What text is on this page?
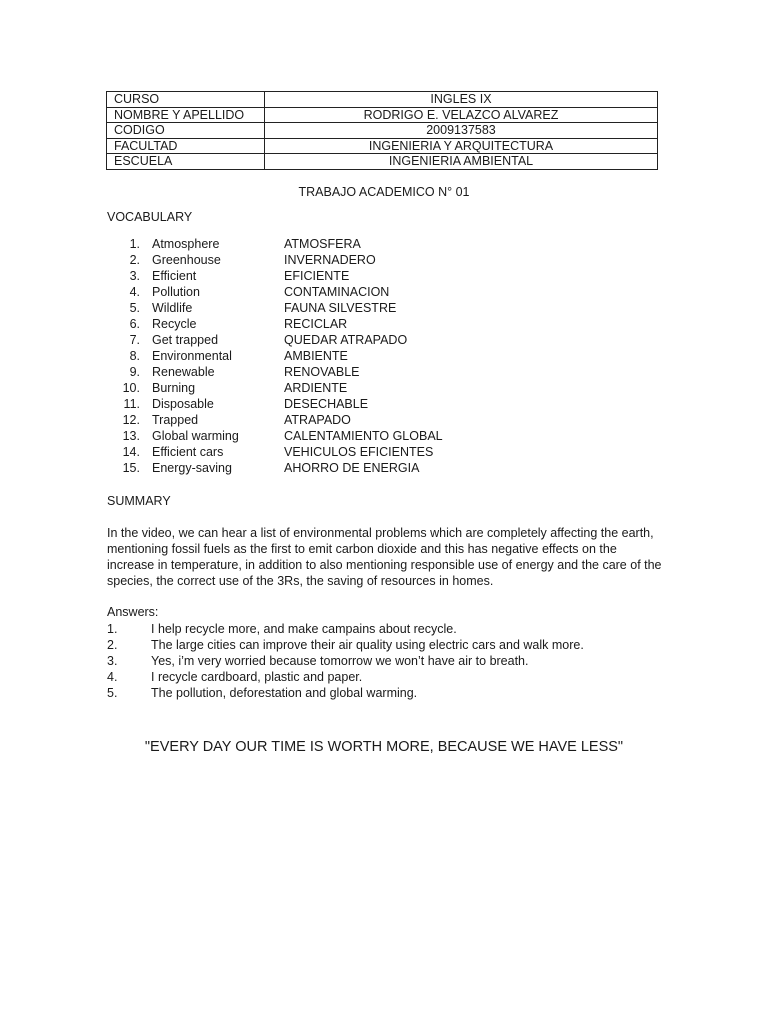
CURSO	INGLES IX
NOMBRE Y APELLIDO	RODRIGO E. VELAZCO ALVAREZ
CODIGO	2009137583
FACULTAD	INGENIERIA Y ARQUITECTURA
ESCUELA	INGENIERIA AMBIENTAL
TRABAJO ACADEMICO N° 01
VOCABULARY
1. Atmosphere	ATMOSFERA
2. Greenhouse	INVERNADERO
3. Efficient	EFICIENTE
4. Pollution	CONTAMINACION
5. Wildlife	FAUNA SILVESTRE
6. Recycle	RECICLAR
7. Get trapped	QUEDAR ATRAPADO
8. Environmental	AMBIENTE
9. Renewable	RENOVABLE
10. Burning	ARDIENTE
11. Disposable	DESECHABLE
12. Trapped	ATRAPADO
13. Global warming	CALENTAMIENTO GLOBAL
14. Efficient cars	VEHICULOS EFICIENTES
15. Energy-saving	AHORRO DE ENERGIA
SUMMARY
In the video, we can hear a list of environmental problems which are completely affecting the earth, mentioning fossil fuels as the first to emit carbon dioxide and this has negative effects on the increase in temperature, in addition to also mentioning responsible use of energy and the care of the species, the correct use of the 3Rs, the saving of resources in homes.
Answers:
1.	I help recycle more, and make campains about recycle.
2.	The large cities can improve their air quality using electric cars and walk more.
3.	Yes, i’m very worried because tomorrow we won’t have air to breath.
4.	I recycle cardboard, plastic and paper.
5.	The pollution, deforestation and global warming.
"EVERY DAY OUR TIME IS WORTH MORE, BECAUSE WE HAVE LESS"
